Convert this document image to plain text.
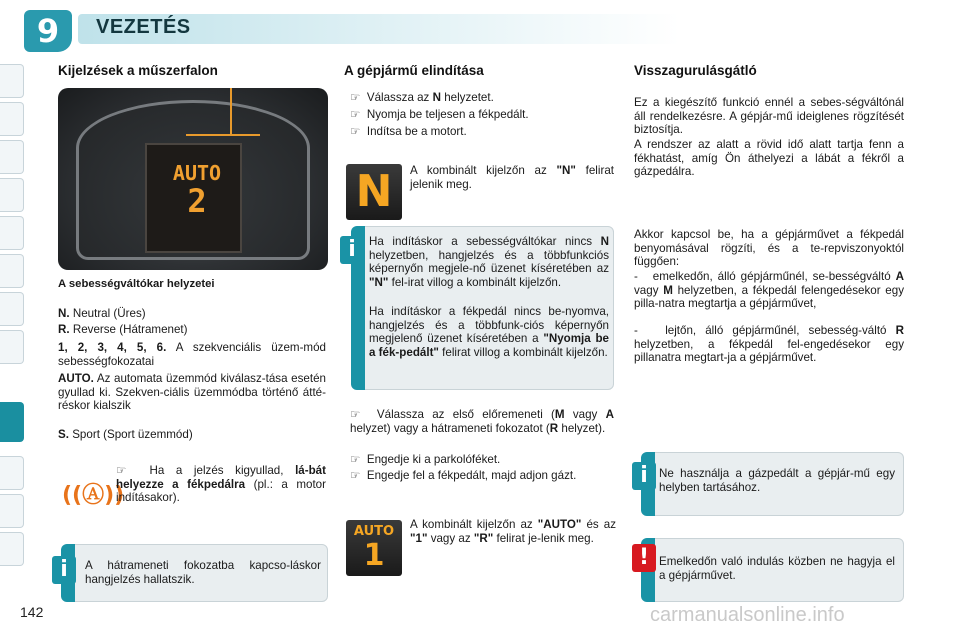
9	VEZETÉS
Kijelzések a műszerfalon
AUTO
2
A sebességváltókar helyzetei
N. Neutral (Üres)
R. Reverse (Hátramenet)
1, 2, 3, 4, 5, 6. A szekvenciális üzem-mód sebességfokozatai
AUTO. Az automata üzemmód kiválasz-tása esetén gyullad ki. Szekven-ciális üzemmódba történő átté-réskor kialszik
S. Sport (Sport üzemmód)
((Ⓐ))
☞  Ha a jelzés kigyullad, lá-bát helyezze a fékpedálra (pl.: a motor indításakor).
A hátrameneti fokozatba kapcso-láskor hangjelzés hallatszik.
i
A gépjármű elindítása
☞  Válassza az N helyzetet.
☞  Nyomja be teljesen a fékpedált.
☞  Indítsa be a motort.
N	A kombinált kijelzőn az "N" felirat jelenik meg.
Ha indításkor a sebességváltókar nincs N helyzetben, hangjelzés és a többfunkciós képernyőn megjele-nő üzenet kíséretében az "N" fel-irat villog a kombinált kijelzőn.
Ha indításkor a fékpedál nincs be-nyomva, hangjelzés és a többfunk-ciós képernyőn megjelenő üzenet kíséretében a "Nyomja be a fék-pedált" felirat villog a kombinált kijelzőn.
i
☞  Válassza az első előremeneti (M vagy A helyzet) vagy a hátrameneti fokozatot (R helyzet).
☞  Engedje ki a parkolóféket.
☞  Engedje fel a fékpedált, majd adjon gázt.
AUTO
1
A kombinált kijelzőn az "AUTO" és az "1" vagy az "R" felirat je-lenik meg.
Visszagurulásgátló
Ez a kiegészítő funkció ennél a sebes-ségváltónál áll rendelkezésre. A gépjár-mű ideiglenes rögzítését biztosítja.
A rendszer az alatt a rövid idő alatt tartja fenn a fékhatást, amíg Ön áthelyezi a lábát a fékről a gázpedálra.
Akkor kapcsol be, ha a gépjárművet a fékpedál benyomásával rögzíti, és a te-repviszonyoktól függően:
-   emelkedőn, álló gépjárműnél, se-bességváltó A vagy M helyzetben, a fékpedál felengedésekor egy pilla-natra megtartja a gépjárművet,
-   lejtőn, álló gépjárműnél, sebesség-váltó R helyzetben, a fékpedál fel-engedésekor egy pillanatra megtart-ja a gépjárművet.
Ne használja a gázpedált a gépjár-mű egy helyben tartásához.
i
Emelkedőn való indulás közben ne hagyja el a gépjárművet.
!
142	carmanualsonline.info
